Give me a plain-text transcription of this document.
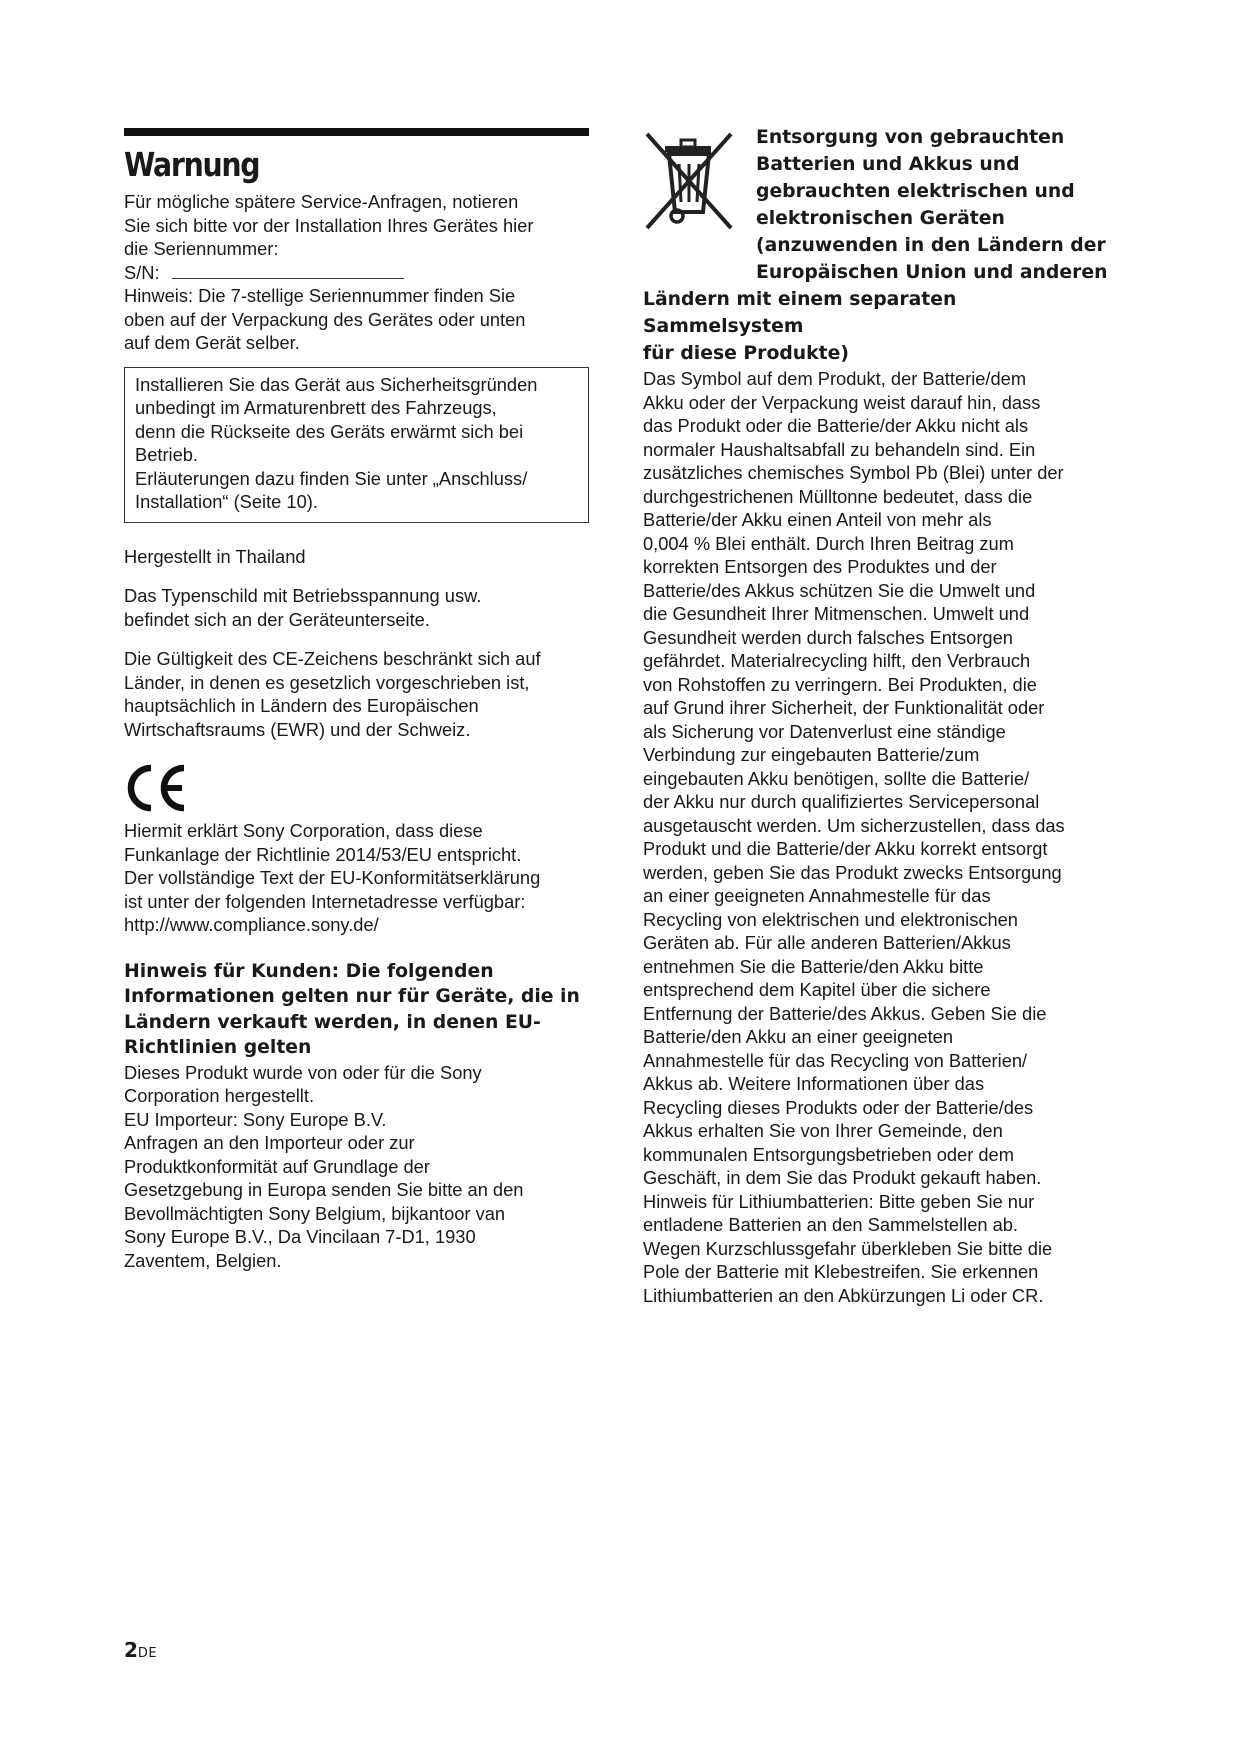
Warnung

Für mögliche spätere Service-Anfragen, notieren

Sie sich bitte vor der Installation Ihres Gerätes hier

die Seriennummer:

S/N:

Hinweis: Die 7-stellige Seriennummer finden Sie

oben auf der Verpackung des Gerätes oder unten

auf dem Gerät selber.

Installieren Sie das Gerät aus Sicherheitsgründen

unbedingt im Armaturenbrett des Fahrzeugs,

denn die Rückseite des Geräts erwärmt sich bei

Betrieb.

Erläuterungen dazu finden Sie unter „Anschluss/

Installation“ (Seite 10).

Hergestellt in Thailand

Das Typenschild mit Betriebsspannung usw.

befindet sich an der Geräteunterseite.

Die Gültigkeit des CE-Zeichens beschränkt sich auf

Länder, in denen es gesetzlich vorgeschrieben ist,

hauptsächlich in Ländern des Europäischen

Wirtschaftsraums (EWR) und der Schweiz.

Hiermit erklärt Sony Corporation, dass diese

Funkanlage der Richtlinie 2014/53/EU entspricht.

Der vollständige Text der EU-Konformitätserklärung

ist unter der folgenden Internetadresse verfügbar:

http://www.compliance.sony.de/

Hinweis für Kunden: Die folgenden

Informationen gelten nur für Geräte, die in

Ländern verkauft werden, in denen EU-

Richtlinien gelten

Dieses Produkt wurde von oder für die Sony

Corporation hergestellt.

EU Importeur: Sony Europe B.V.

Anfragen an den Importeur oder zur

Produktkonformität auf Grundlage der

Gesetzgebung in Europa senden Sie bitte an den

Bevollmächtigten Sony Belgium, bijkantoor van

Sony Europe B.V., Da Vincilaan 7-D1, 1930

Zaventem, Belgien.

Entsorgung von gebrauchten

Batterien und Akkus und

gebrauchten elektrischen und

elektronischen Geräten

(anzuwenden in den Ländern der

Europäischen Union und anderen

Ländern mit einem separaten Sammelsystem

für diese Produkte)

Das Symbol auf dem Produkt, der Batterie/dem

Akku oder der Verpackung weist darauf hin, dass

das Produkt oder die Batterie/der Akku nicht als

normaler Haushaltsabfall zu behandeln sind. Ein

zusätzliches chemisches Symbol Pb (Blei) unter der

durchgestrichenen Mülltonne bedeutet, dass die

Batterie/der Akku einen Anteil von mehr als

0,004 % Blei enthält. Durch Ihren Beitrag zum

korrekten Entsorgen des Produktes und der

Batterie/des Akkus schützen Sie die Umwelt und

die Gesundheit Ihrer Mitmenschen. Umwelt und

Gesundheit werden durch falsches Entsorgen

gefährdet. Materialrecycling hilft, den Verbrauch

von Rohstoffen zu verringern. Bei Produkten, die

auf Grund ihrer Sicherheit, der Funktionalität oder

als Sicherung vor Datenverlust eine ständige

Verbindung zur eingebauten Batterie/zum

eingebauten Akku benötigen, sollte die Batterie/

der Akku nur durch qualifiziertes Servicepersonal

ausgetauscht werden. Um sicherzustellen, dass das

Produkt und die Batterie/der Akku korrekt entsorgt

werden, geben Sie das Produkt zwecks Entsorgung

an einer geeigneten Annahmestelle für das

Recycling von elektrischen und elektronischen

Geräten ab. Für alle anderen Batterien/Akkus

entnehmen Sie die Batterie/den Akku bitte

entsprechend dem Kapitel über die sichere

Entfernung der Batterie/des Akkus. Geben Sie die

Batterie/den Akku an einer geeigneten

Annahmestelle für das Recycling von Batterien/

Akkus ab. Weitere Informationen über das

Recycling dieses Produkts oder der Batterie/des

Akkus erhalten Sie von Ihrer Gemeinde, den

kommunalen Entsorgungsbetrieben oder dem

Geschäft, in dem Sie das Produkt gekauft haben.

Hinweis für Lithiumbatterien: Bitte geben Sie nur

entladene Batterien an den Sammelstellen ab.

Wegen Kurzschlussgefahr überkleben Sie bitte die

Pole der Batterie mit Klebestreifen. Sie erkennen

Lithiumbatterien an den Abkürzungen Li oder CR.

2DE
